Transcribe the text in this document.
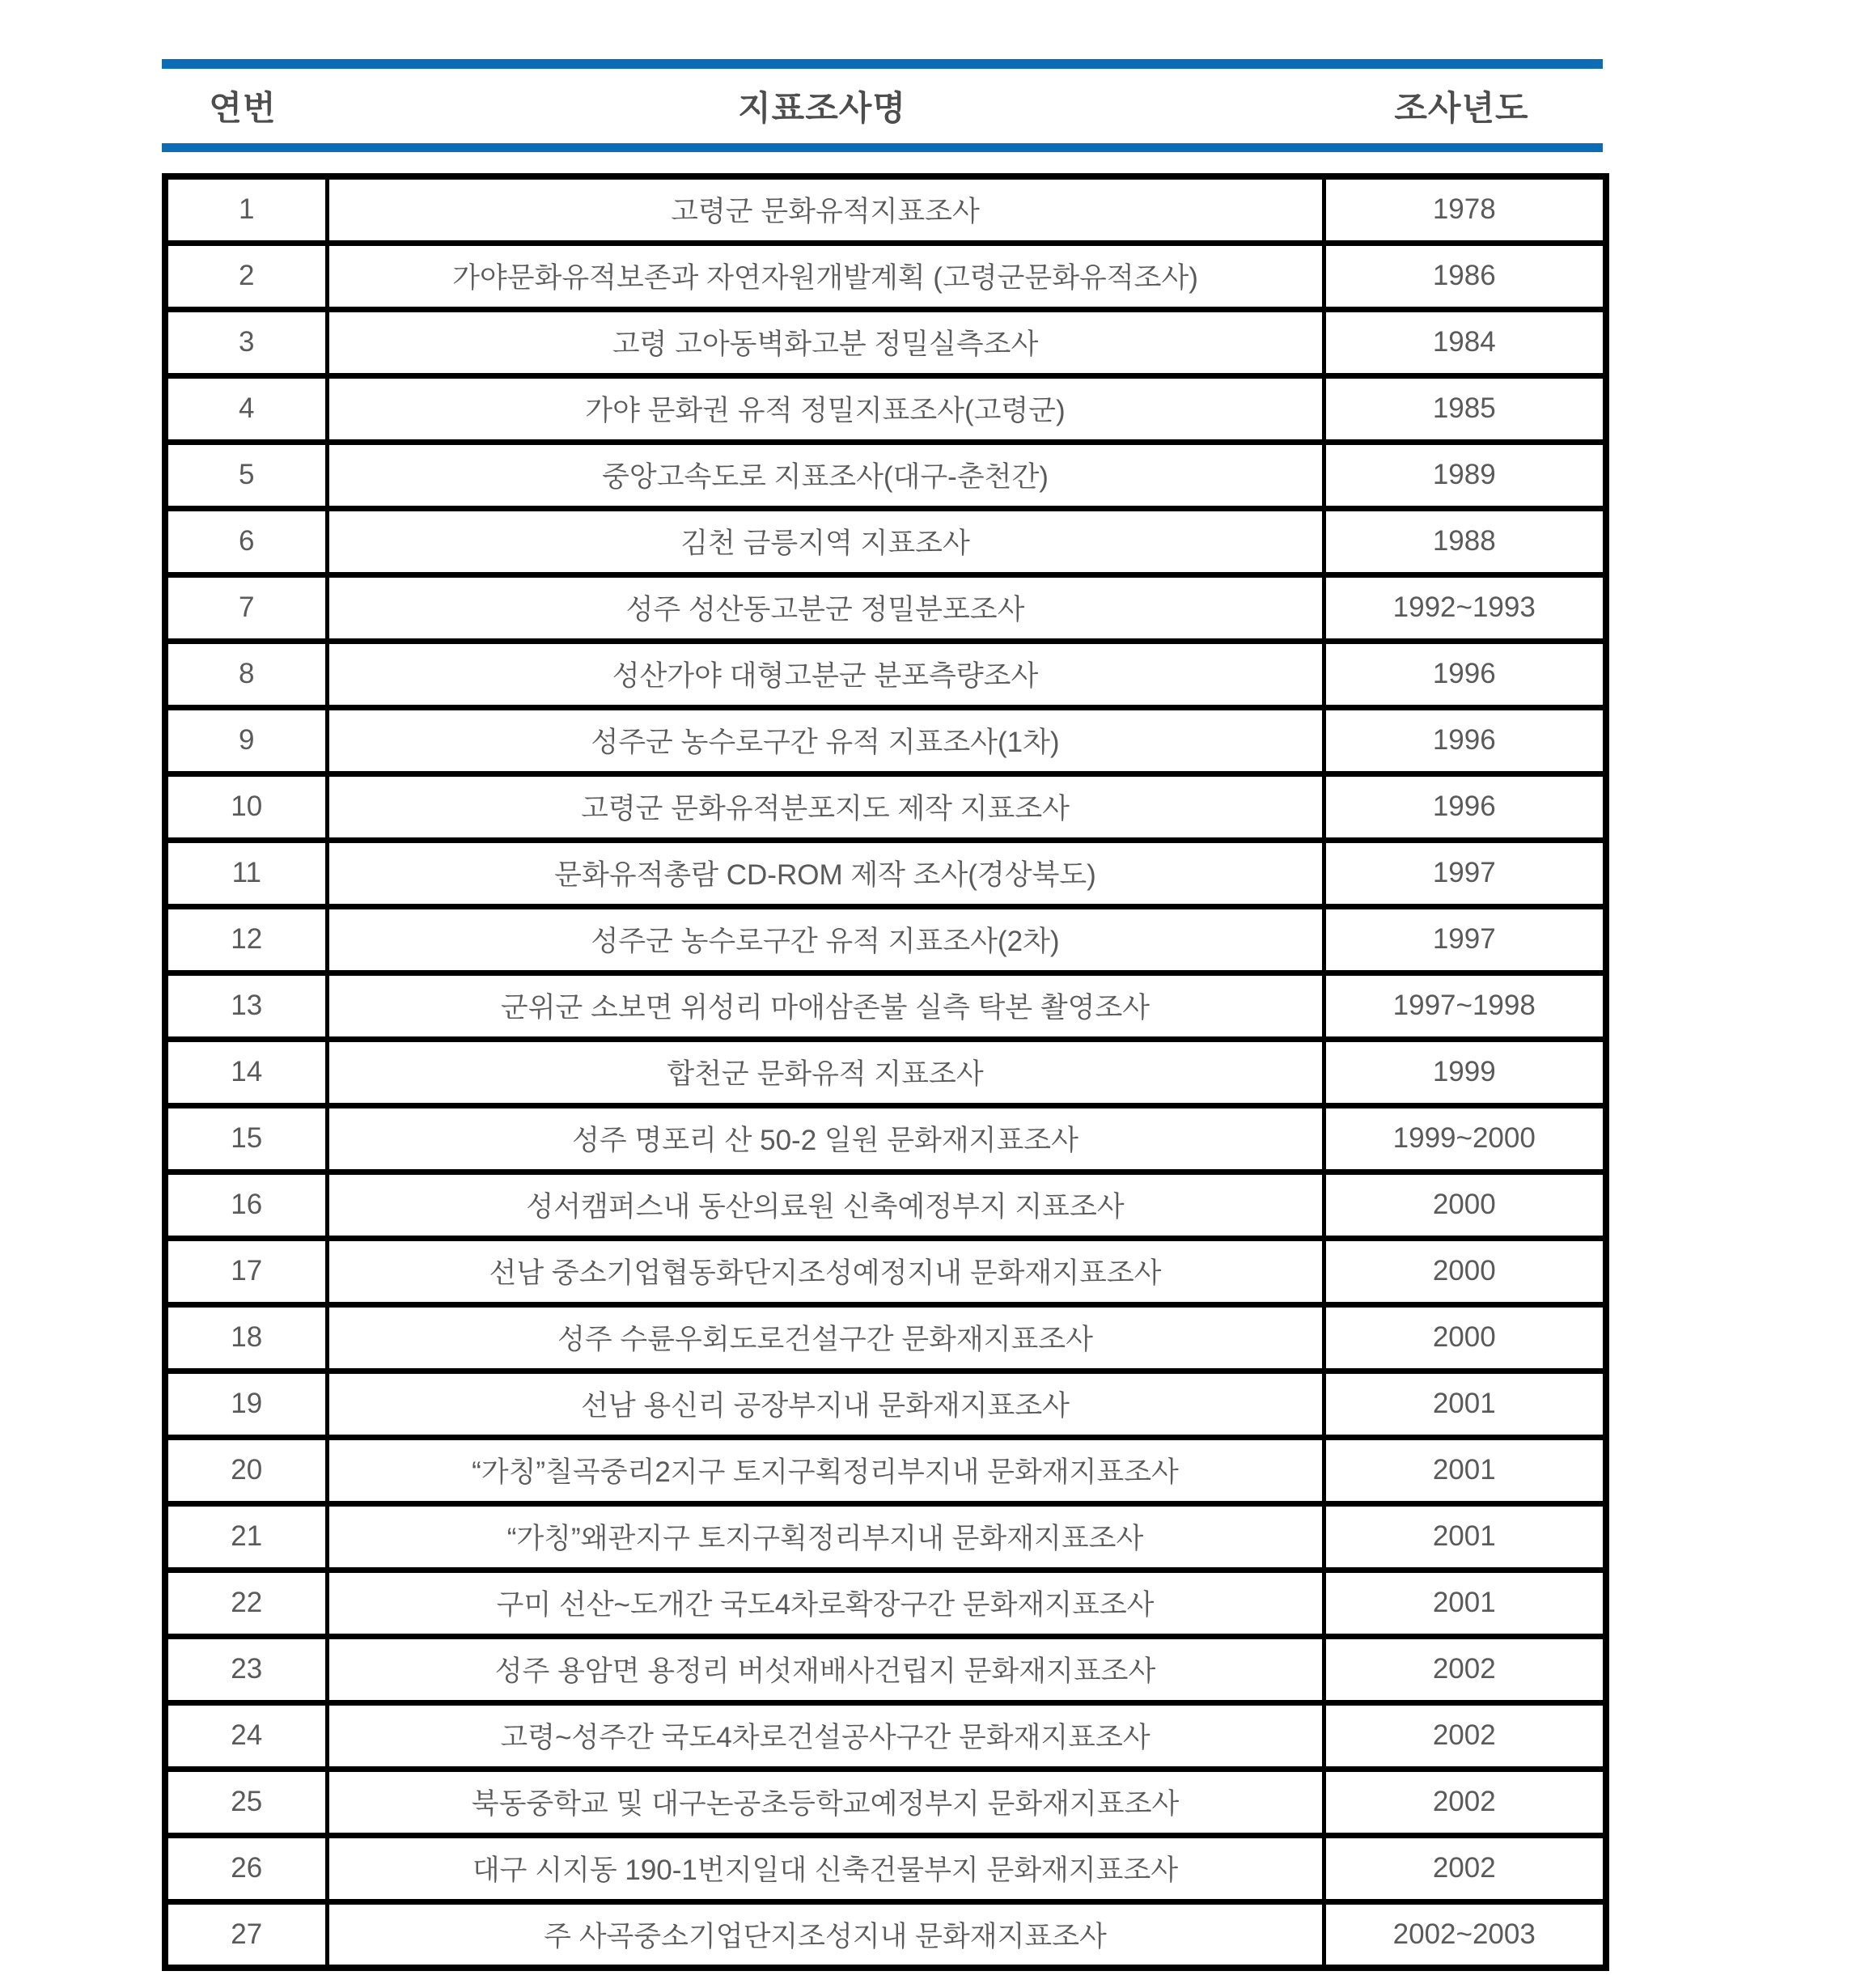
연번	지표조사명	조사년도
1	고령군 문화유적지표조사	1978
2	가야문화유적보존과 자연자원개발계획 (고령군문화유적조사)	1986
3	고령 고아동벽화고분 정밀실측조사	1984
4	가야 문화권 유적 정밀지표조사(고령군)	1985
5	중앙고속도로 지표조사(대구-춘천간)	1989
6	김천 금릉지역 지표조사	1988
7	성주 성산동고분군 정밀분포조사	1992~1993
8	성산가야 대형고분군 분포측량조사	1996
9	성주군 농수로구간 유적 지표조사(1차)	1996
10	고령군 문화유적분포지도 제작 지표조사	1996
11	문화유적총람 CD-ROM 제작 조사(경상북도)	1997
12	성주군 농수로구간 유적 지표조사(2차)	1997
13	군위군 소보면 위성리 마애삼존불 실측 탁본 촬영조사	1997~1998
14	합천군 문화유적 지표조사	1999
15	성주 명포리 산 50-2 일원 문화재지표조사	1999~2000
16	성서캠퍼스내 동산의료원 신축예정부지 지표조사	2000
17	선남 중소기업협동화단지조성예정지내 문화재지표조사	2000
18	성주 수륜우회도로건설구간 문화재지표조사	2000
19	선남 용신리 공장부지내 문화재지표조사	2001
20	“가칭”칠곡중리2지구 토지구획정리부지내 문화재지표조사	2001
21	“가칭”왜관지구 토지구획정리부지내 문화재지표조사	2001
22	구미 선산~도개간 국도4차로확장구간 문화재지표조사	2001
23	성주 용암면 용정리 버섯재배사건립지 문화재지표조사	2002
24	고령~성주간 국도4차로건설공사구간 문화재지표조사	2002
25	북동중학교 및 대구논공초등학교예정부지 문화재지표조사	2002
26	대구 시지동 190-1번지일대 신축건물부지 문화재지표조사	2002
27	주 사곡중소기업단지조성지내 문화재지표조사	2002~2003
